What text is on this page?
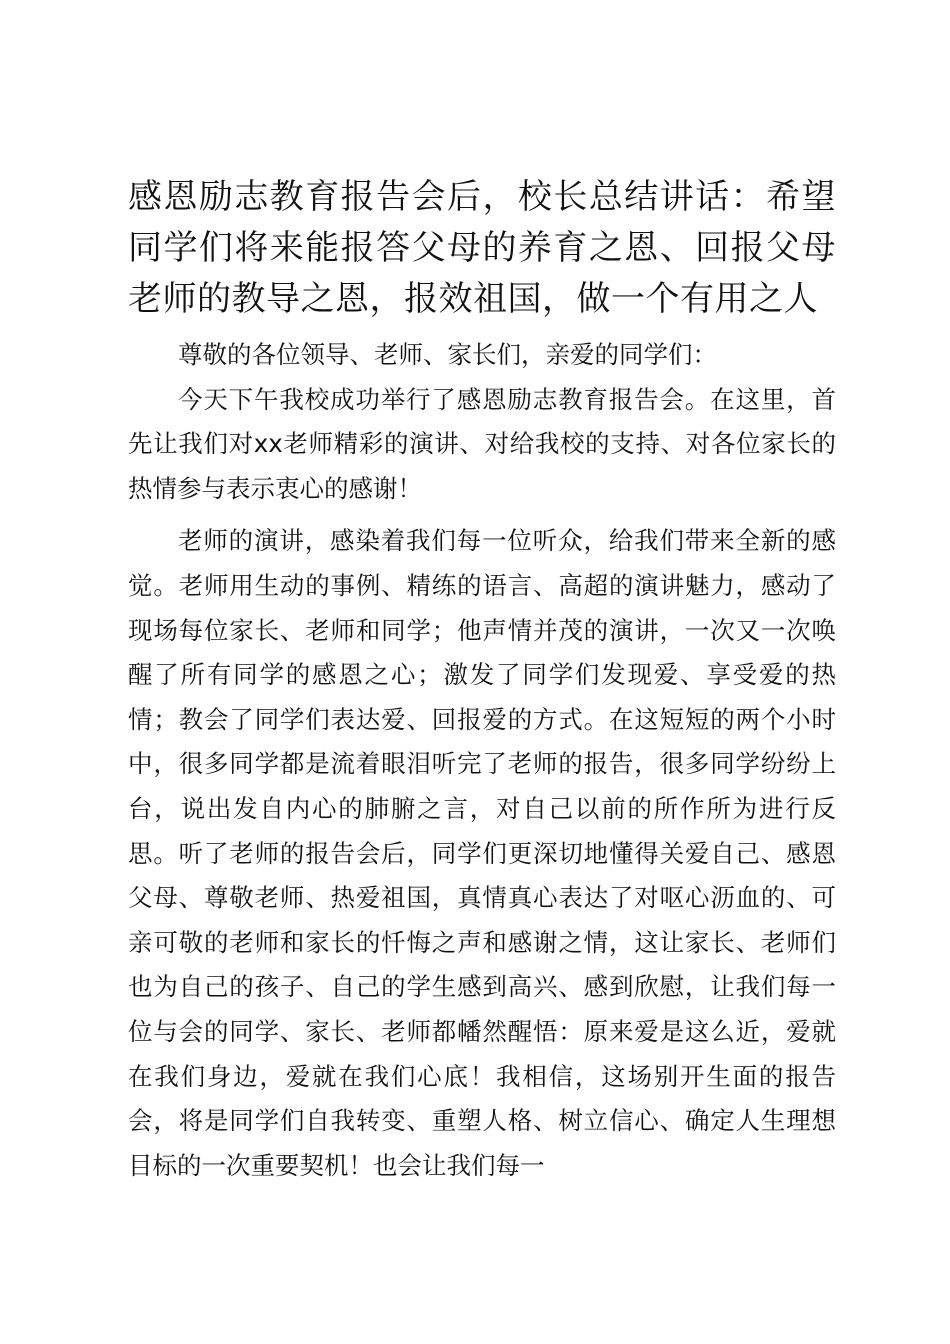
感恩励志教育报告会后，校长总结讲话：希望同学们将来能报答父母的养育之恩、回报父母老师的教导之恩，报效祖国，做一个有用之人

尊敬的各位领导、老师、家长们，亲爱的同学们：

今天下午我校成功举行了感恩励志教育报告会。在这里，首先让我们对xx老师精彩的演讲、对给我校的支持、对各位家长的热情参与表示衷心的感谢！

老师的演讲，感染着我们每一位听众，给我们带来全新的感觉。老师用生动的事例、精练的语言、高超的演讲魅力，感动了现场每位家长、老师和同学；他声情并茂的演讲，一次又一次唤醒了所有同学的感恩之心；激发了同学们发现爱、享受爱的热情；教会了同学们表达爱、回报爱的方式。在这短短的两个小时中，很多同学都是流着眼泪听完了老师的报告，很多同学纷纷上台，说出发自内心的肺腑之言，对自己以前的所作所为进行反思。听了老师的报告会后，同学们更深切地懂得关爱自己、感恩父母、尊敬老师、热爱祖国，真情真心表达了对呕心沥血的、可亲可敬的老师和家长的忏悔之声和感谢之情，这让家长、老师们也为自己的孩子、自己的学生感到高兴、感到欣慰，让我们每一位与会的同学、家长、老师都幡然醒悟：原来爱是这么近，爱就在我们身边，爱就在我们心底！我相信，这场别开生面的报告会，将是同学们自我转变、重塑人格、树立信心、确定人生理想目标的一次重要契机！也会让我们每一
